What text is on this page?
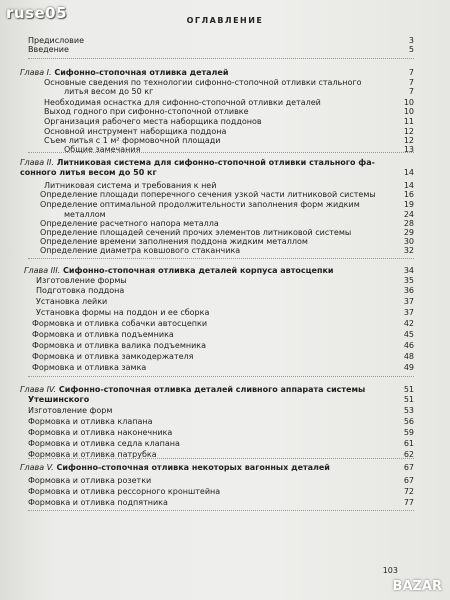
ruse05	ОГЛАВЛЕНИЕ
Предисловие	3
Введение	5
Глава I. Сифонно-стопочная отливка деталей	7
Основные сведения по технологии сифонно-стопочной отливки стального	7
литья весом до 50 кг	7
Необходимая оснастка для сифонно-стопочной отливки деталей	10
Выход годного при сифонно-стопочной отливке	10
Организация рабочего места наборщика поддонов	11
Основной инструмент наборщика поддона	12
Съем литья с 1 м² формовочной площади	12
Общие замечания	13
Глава II. Литниковая система для сифонно-стопочной отливки стального фа-
сонного литья весом до 50 кг	14
Литниковая система и требования к ней	14
Определение площади поперечного сечения узкой части литниковой системы	16
Определение оптимальной продолжительности заполнения форм жидким	19
металлом	24
Определение расчетного напора металла	28
Определение площадей сечений прочих элементов литниковой системы	29
Определение времени заполнения поддона жидким металлом	30
Определение диаметра ковшового стаканчика	32
Глава III. Сифонно-стопочная отливка деталей корпуса автосцепки	34
Изготовление формы	35
Подготовка поддона	36
Установка лейки	37
Установка формы на поддон и ее сборка	37
Формовка и отливка собачки автосцепки	42
Формовка и отливка подъемника	45
Формовка и отливка валика подъемника	46
Формовка и отливка замкодержателя	48
Формовка и отливка замка	49
Глава IV. Сифонно-стопочная отливка деталей сливного аппарата системы	51
Утешинского	51
Изготовление форм	53
Формовка и отливка клапана	56
Формовка и отливка наконечника	59
Формовка и отливка седла клапана	61
Формовка и отливка патрубка	62
Глава V. Сифонно-стопочная отливка некоторых вагонных деталей	67
Формовка и отливка розетки	67
Формовка и отливка рессорного кронштейна	72
Формовка и отливка подпятника	77
103
BAZAR
